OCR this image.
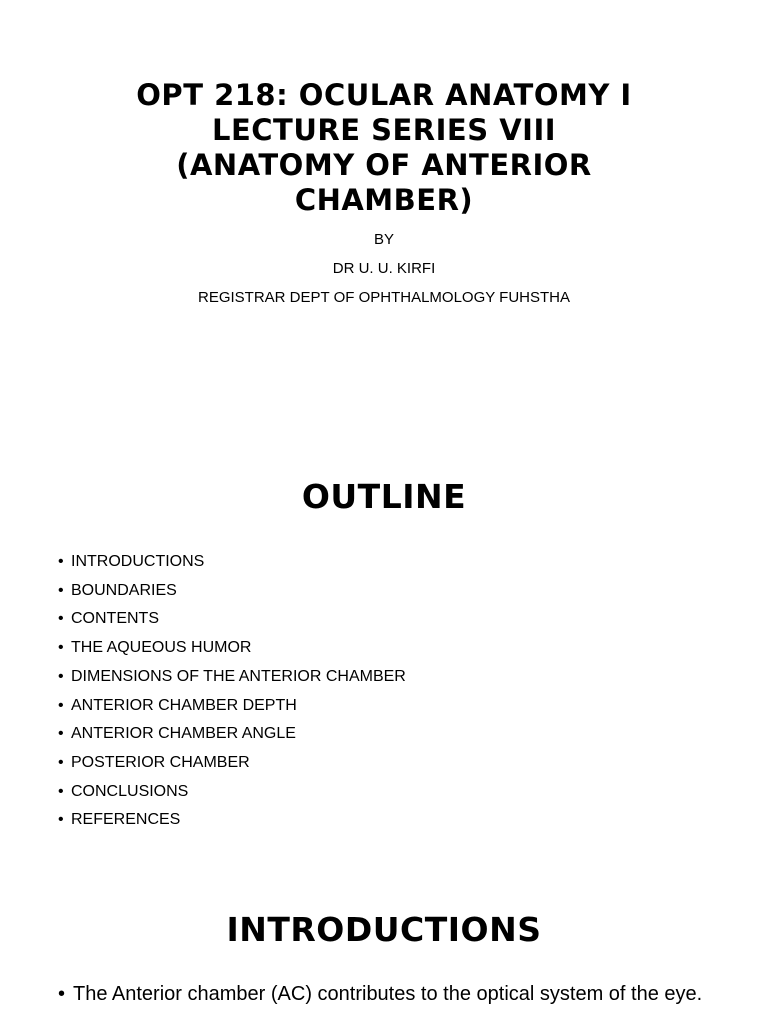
OPT 218: OCULAR ANATOMY I
LECTURE SERIES VIII
(ANATOMY OF ANTERIOR
CHAMBER)
BY
DR U. U. KIRFI
REGISTRAR DEPT OF OPHTHALMOLOGY FUHSTHA
OUTLINE
• INTRODUCTIONS
• BOUNDARIES
• CONTENTS
• THE AQUEOUS HUMOR
• DIMENSIONS OF THE ANTERIOR CHAMBER
• ANTERIOR CHAMBER DEPTH
• ANTERIOR CHAMBER ANGLE
• POSTERIOR CHAMBER
• CONCLUSIONS
• REFERENCES
INTRODUCTIONS
• The Anterior chamber (AC) contributes to the optical system of the eye.
